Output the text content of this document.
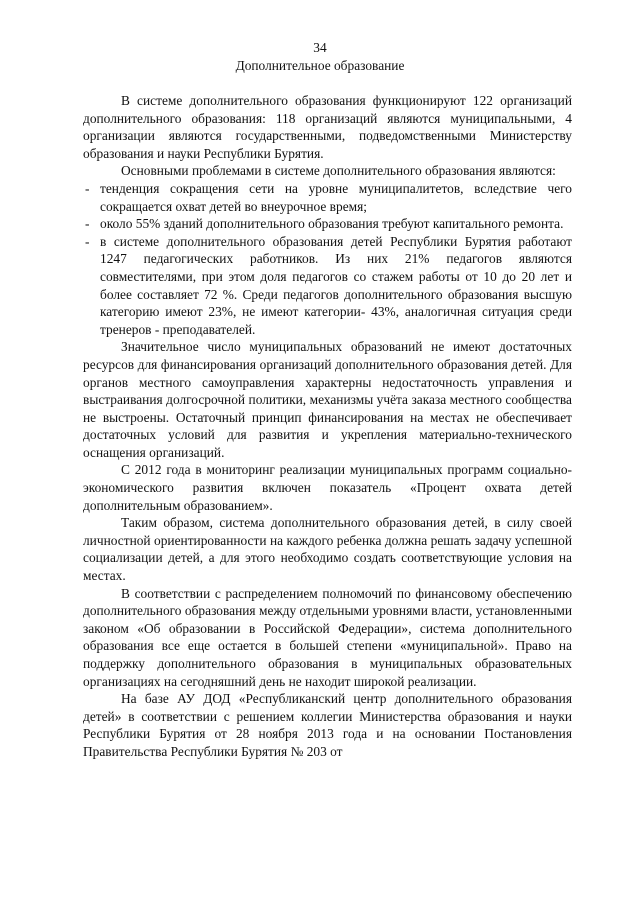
34
Дополнительное образование

В системе дополнительного образования функционируют 122 организаций дополнительного образования: 118 организаций являются муниципальными, 4 организации являются государственными, подведомственными Министерству образования и науки Республики Бурятия.

Основными проблемами в системе дополнительного образования являются:

- тенденция сокращения сети на уровне муниципалитетов, вследствие чего сокращается охват детей во внеурочное время;
- около 55% зданий дополнительного образования требуют капитального ремонта.
- в системе дополнительного образования детей Республики Бурятия работают 1247 педагогических работников. Из них 21% педагогов являются совместителями, при этом доля педагогов со стажем работы от 10 до 20 лет и более составляет 72 %. Среди педагогов дополнительного образования высшую категорию имеют 23%, не имеют категории- 43%, аналогичная ситуация среди тренеров - преподавателей.

Значительное число муниципальных образований не имеют достаточных ресурсов для финансирования организаций дополнительного образования детей. Для органов местного самоуправления характерны недостаточность управления и выстраивания долгосрочной политики, механизмы учёта заказа местного сообщества не выстроены. Остаточный принцип финансирования на местах не обеспечивает достаточных условий для развития и укрепления материально-технического оснащения организаций.

С 2012 года в мониторинг реализации муниципальных программ социально-экономического развития включен показатель «Процент охвата детей дополнительным образованием».

Таким образом, система дополнительного образования детей, в силу своей личностной ориентированности на каждого ребенка должна решать задачу успешной социализации детей, а для этого необходимо создать соответствующие условия на местах.

В соответствии с распределением полномочий по финансовому обеспечению дополнительного образования между отдельными уровнями власти, установленными законом «Об образовании в Российской Федерации», система дополнительного образования все еще остается в большей степени «муниципальной». Право на поддержку дополнительного образования в муниципальных образовательных организациях на сегодняшний день не находит широкой реализации.

На базе АУ ДОД «Республиканский центр дополнительного образования детей» в соответствии с решением коллегии Министерства образования и науки Республики Бурятия от 28 ноября 2013 года и на основании Постановления Правительства Республики Бурятия № 203 от
